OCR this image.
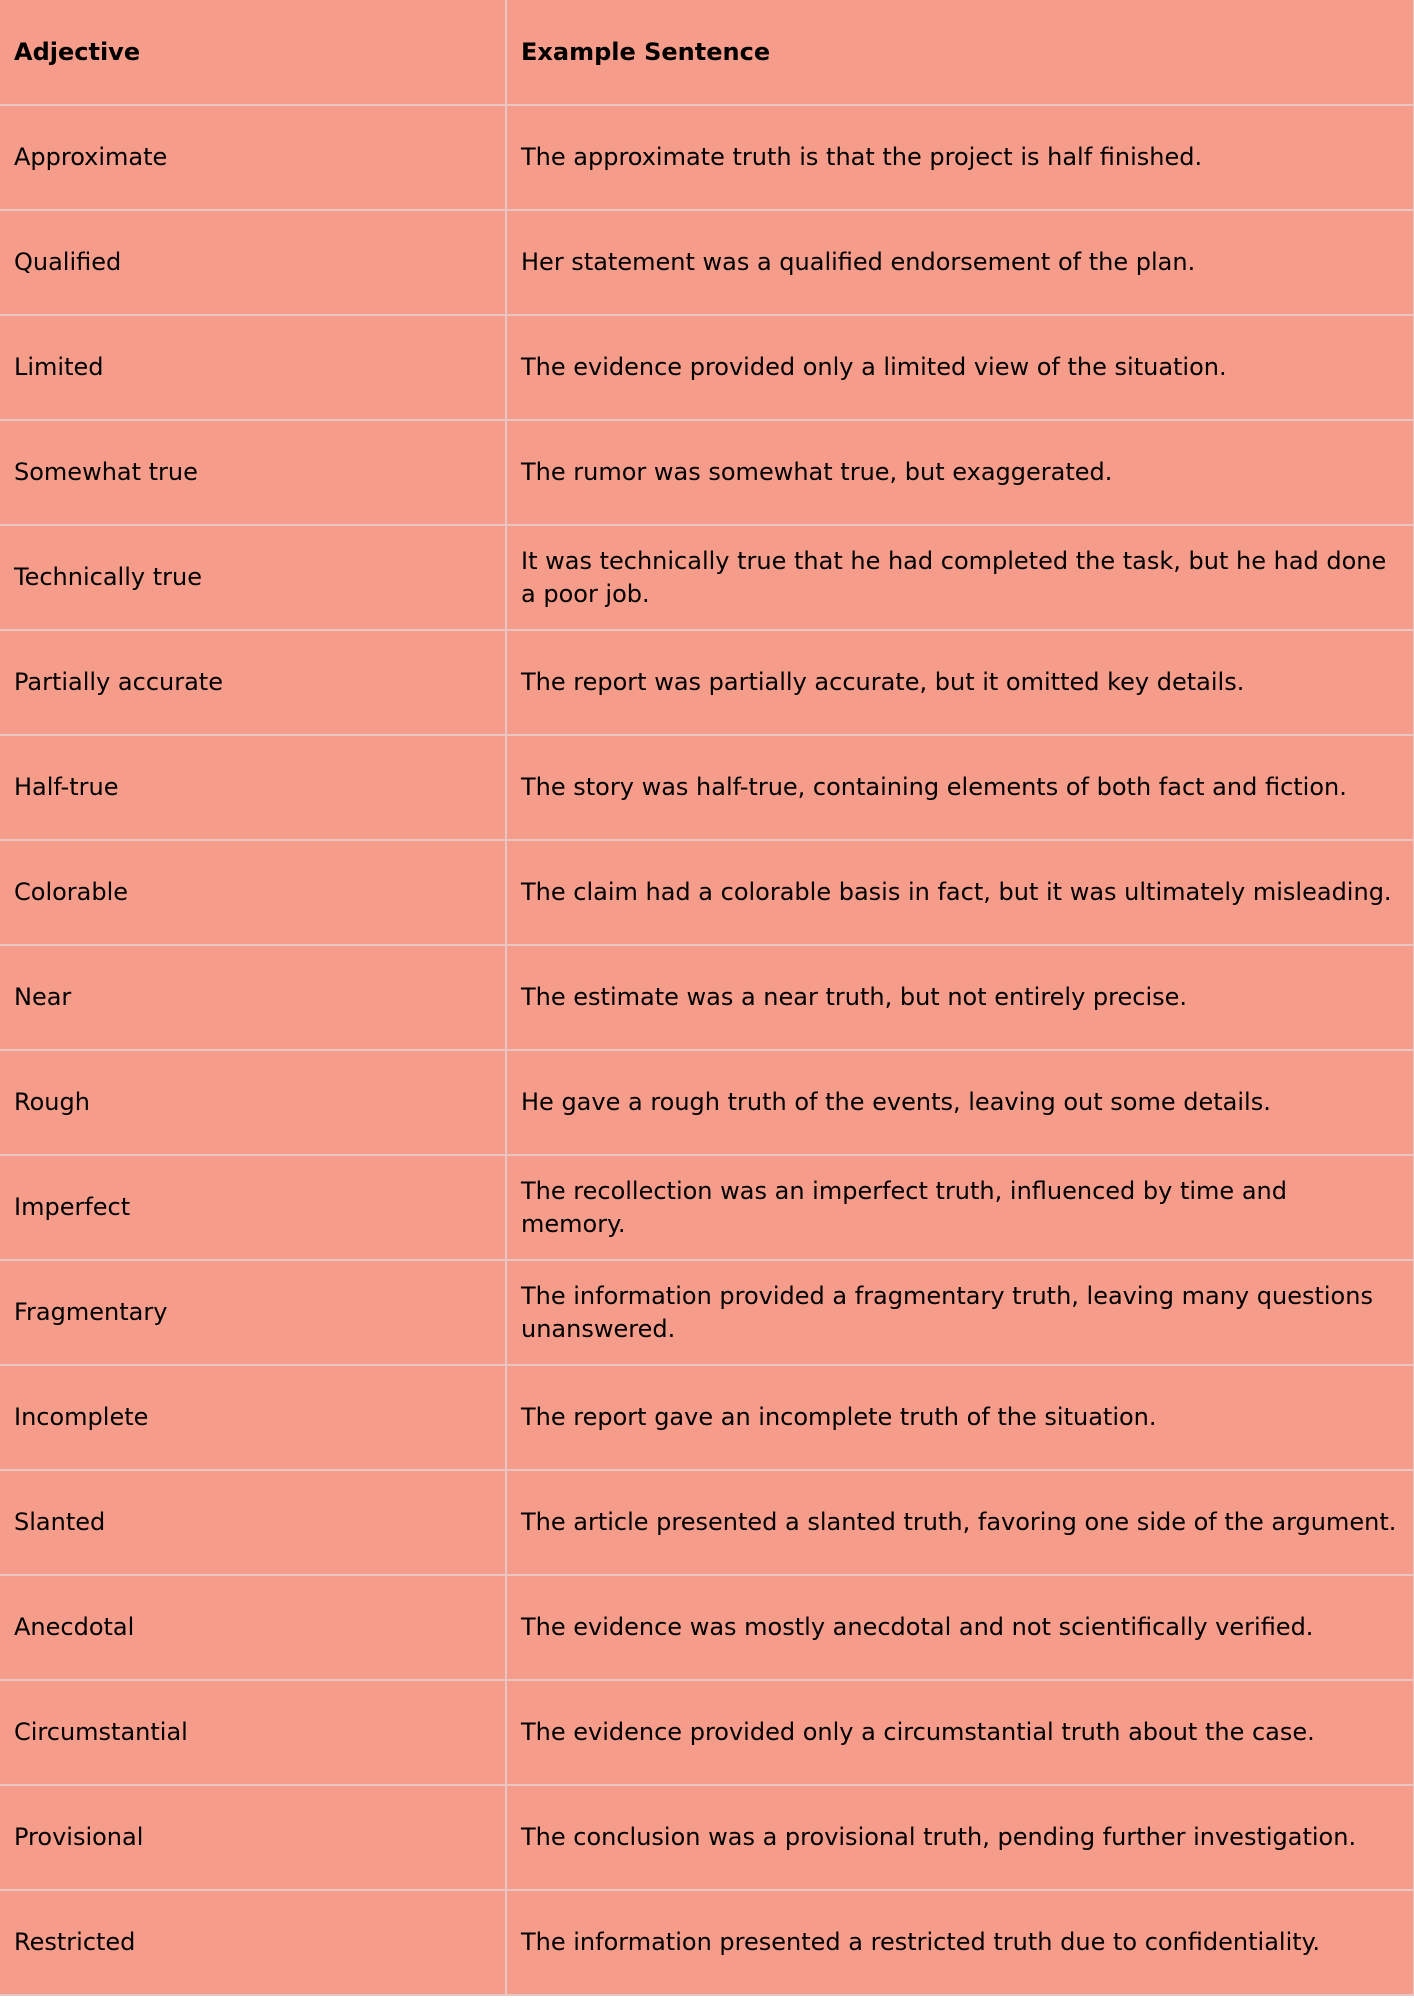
Adjective	Example Sentence
Approximate	The approximate truth is that the project is half finished.
Qualified	Her statement was a qualified endorsement of the plan.
Limited	The evidence provided only a limited view of the situation.
Somewhat true	The rumor was somewhat true, but exaggerated.
Technically true	It was technically true that he had completed the task, but he had done a poor job.
Partially accurate	The report was partially accurate, but it omitted key details.
Half-true	The story was half-true, containing elements of both fact and fiction.
Colorable	The claim had a colorable basis in fact, but it was ultimately misleading.
Near	The estimate was a near truth, but not entirely precise.
Rough	He gave a rough truth of the events, leaving out some details.
Imperfect	The recollection was an imperfect truth, influenced by time and memory.
Fragmentary	The information provided a fragmentary truth, leaving many questions unanswered.
Incomplete	The report gave an incomplete truth of the situation.
Slanted	The article presented a slanted truth, favoring one side of the argument.
Anecdotal	The evidence was mostly anecdotal and not scientifically verified.
Circumstantial	The evidence provided only a circumstantial truth about the case.
Provisional	The conclusion was a provisional truth, pending further investigation.
Restricted	The information presented a restricted truth due to confidentiality.
